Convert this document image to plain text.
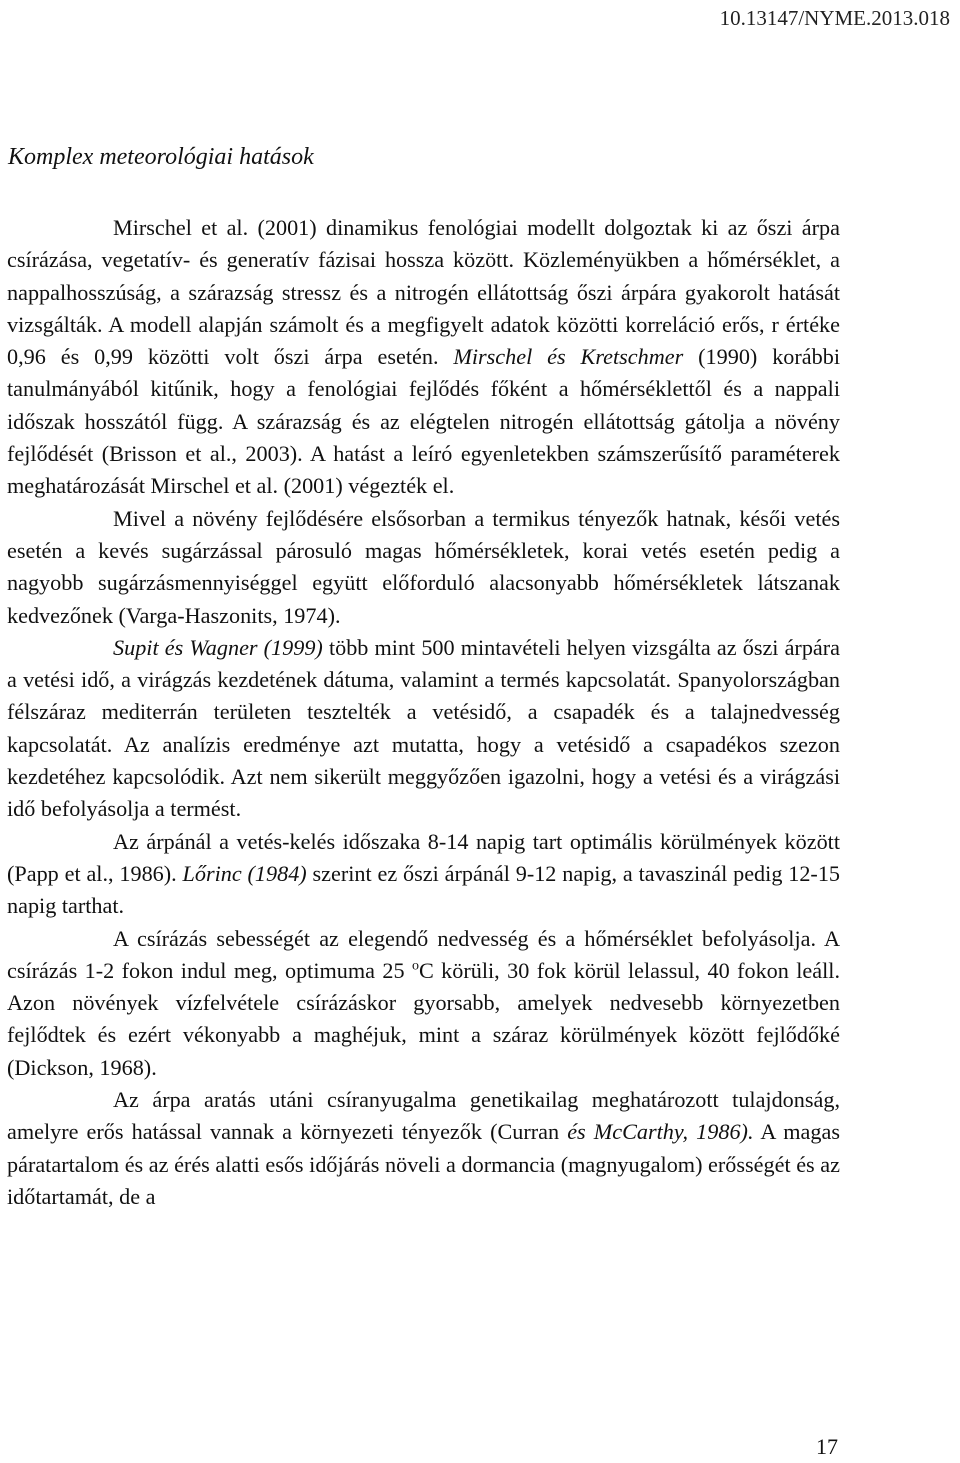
10.13147/NYME.2013.018
Komplex meteorológiai hatások

Mirschel et al. (2001) dinamikus fenológiai modellt dolgoztak ki az őszi árpa csírázása, vegetatív- és generatív fázisai hossza között. Közleményükben a hőmérséklet, a nappalhosszúság, a szárazság stressz és a nitrogén ellátottság őszi árpára gyakorolt hatását vizsgálták. A modell alapján számolt és a megfigyelt adatok közötti korreláció erős, r értéke 0,96 és 0,99 közötti volt őszi árpa esetén. Mirschel és Kretschmer (1990) korábbi tanulmányából kitűnik, hogy a fenológiai fejlődés főként a hőmérséklettől és a nappali időszak hosszától függ. A szárazság és az elégtelen nitrogén ellátottság gátolja a növény fejlődését (Brisson et al., 2003). A hatást a leíró egyenletekben számszerűsítő paraméterek meghatározását Mirschel et al. (2001) végezték el.

Mivel a növény fejlődésére elsősorban a termikus tényezők hatnak, késői vetés esetén a kevés sugárzással párosuló magas hőmérsékletek, korai vetés esetén pedig a nagyobb sugárzásmennyiséggel együtt előforduló alacsonyabb hőmérsékletek látszanak kedvezőnek (Varga-Haszonits, 1974).

Supit és Wagner (1999) több mint 500 mintavételi helyen vizsgálta az őszi árpára a vetési idő, a virágzás kezdetének dátuma, valamint a termés kapcsolatát. Spanyolországban félszáraz mediterrán területen tesztelték a vetésidő, a csapadék és a talajnedvesség kapcsolatát. Az analízis eredménye azt mutatta, hogy a vetésidő a csapadékos szezon kezdetéhez kapcsolódik. Azt nem sikerült meggyőzően igazolni, hogy a vetési és a virágzási idő befolyásolja a termést.

Az árpánál a vetés-kelés időszaka 8-14 napig tart optimális körülmények között (Papp et al., 1986). Lőrinc (1984) szerint ez őszi árpánál 9-12 napig, a tavaszinál pedig 12-15 napig tarthat.

A csírázás sebességét az elegendő nedvesség és a hőmérséklet befolyásolja. A csírázás 1-2 fokon indul meg, optimuma 25 $^o$C körüli, 30 fok körül lelassul, 40 fokon leáll. Azon növények vízfelvétele csírázáskor gyorsabb, amelyek nedvesebb környezetben fejlődtek és ezért vékonyabb a maghéjuk, mint a száraz körülmények között fejlődőké (Dickson, 1968).

Az árpa aratás utáni csíranyugalma genetikailag meghatározott tulajdonság, amelyre erős hatással vannak a környezeti tényezők (Curran és McCarthy, 1986). A magas páratartalom és az érés alatti esős időjárás növeli a dormancia (magnyugalom) erősségét és az időtartamát, de a

17
